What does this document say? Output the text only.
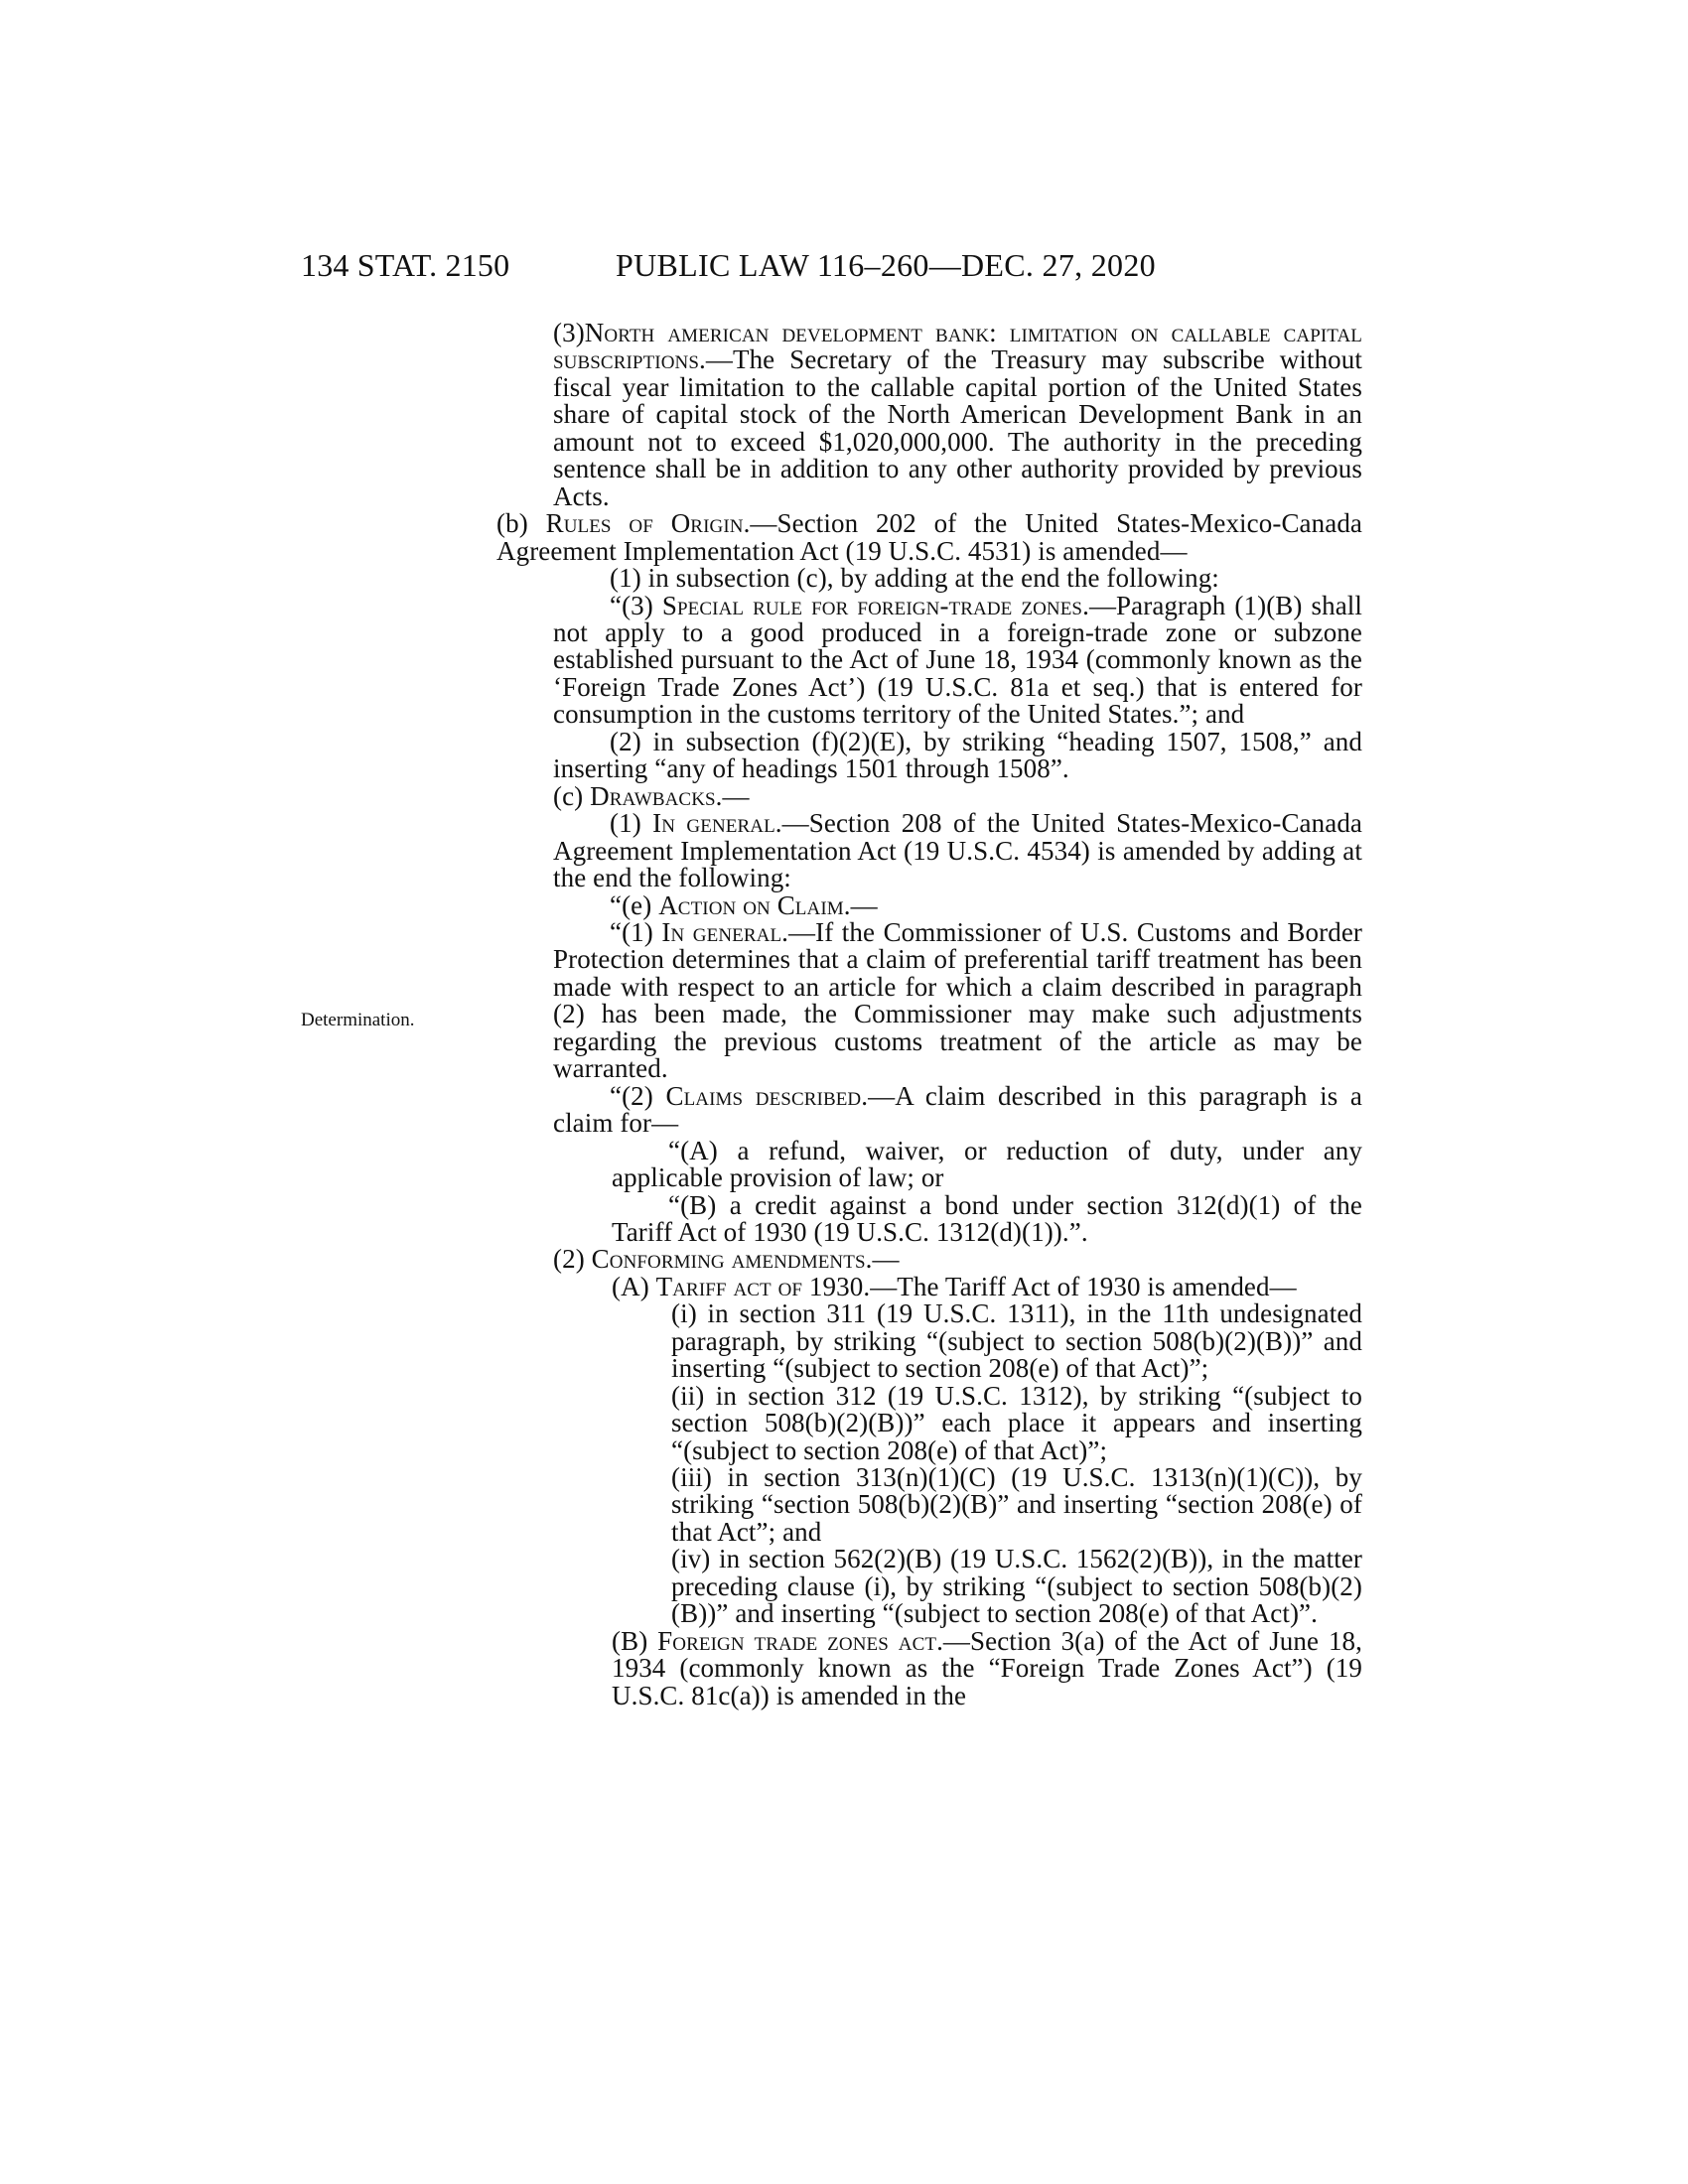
134 STAT. 2150	PUBLIC LAW 116–260—DEC. 27, 2020
Determination.

(3)North american development bank: limitation on callable capital subscriptions.—The Secretary of the Treasury may subscribe without fiscal year limitation to the callable capital portion of the United States share of capital stock of the North American Development Bank in an amount not to exceed $1,020,000,000. The authority in the preceding sentence shall be in addition to any other authority provided by previous Acts.

(b) Rules of Origin.—Section 202 of the United States-Mexico-Canada Agreement Implementation Act (19 U.S.C. 4531) is amended—

(1) in subsection (c), by adding at the end the following:

“(3) Special rule for foreign-trade zones.—Paragraph (1)(B) shall not apply to a good produced in a foreign-trade zone or subzone established pursuant to the Act of June 18, 1934 (commonly known as the ‘Foreign Trade Zones Act’) (19 U.S.C. 81a et seq.) that is entered for consumption in the customs territory of the United States.”; and

(2) in subsection (f)(2)(E), by striking “heading 1507, 1508,” and inserting “any of headings 1501 through 1508”.

(c) Drawbacks.—

(1) In general.—Section 208 of the United States-Mexico-Canada Agreement Implementation Act (19 U.S.C. 4534) is amended by adding at the end the following:

“(e) Action on Claim.—

“(1) In general.—If the Commissioner of U.S. Customs and Border Protection determines that a claim of preferential tariff treatment has been made with respect to an article for which a claim described in paragraph (2) has been made, the Commissioner may make such adjustments regarding the previous customs treatment of the article as may be warranted.

“(2) Claims described.—A claim described in this paragraph is a claim for—

“(A) a refund, waiver, or reduction of duty, under any applicable provision of law; or

“(B) a credit against a bond under section 312(d)(1) of the Tariff Act of 1930 (19 U.S.C. 1312(d)(1)).”.

(2) Conforming amendments.—

(A) Tariff act of 1930.—The Tariff Act of 1930 is amended—

(i) in section 311 (19 U.S.C. 1311), in the 11th undesignated paragraph, by striking “(subject to section 508(b)(2)(B))” and inserting “(subject to section 208(e) of that Act)”;

(ii) in section 312 (19 U.S.C. 1312), by striking “(subject to section 508(b)(2)(B))” each place it appears and inserting “(subject to section 208(e) of that Act)”;

(iii) in section 313(n)(1)(C) (19 U.S.C. 1313(n)(1)(C)), by striking “section 508(b)(2)(B)” and inserting “section 208(e) of that Act”; and

(iv) in section 562(2)(B) (19 U.S.C. 1562(2)(B)), in the matter preceding clause (i), by striking “(subject to section 508(b)(2)(B))” and inserting “(subject to section 208(e) of that Act)”.

(B) Foreign trade zones act.—Section 3(a) of the Act of June 18, 1934 (commonly known as the “Foreign Trade Zones Act”) (19 U.S.C. 81c(a)) is amended in the
